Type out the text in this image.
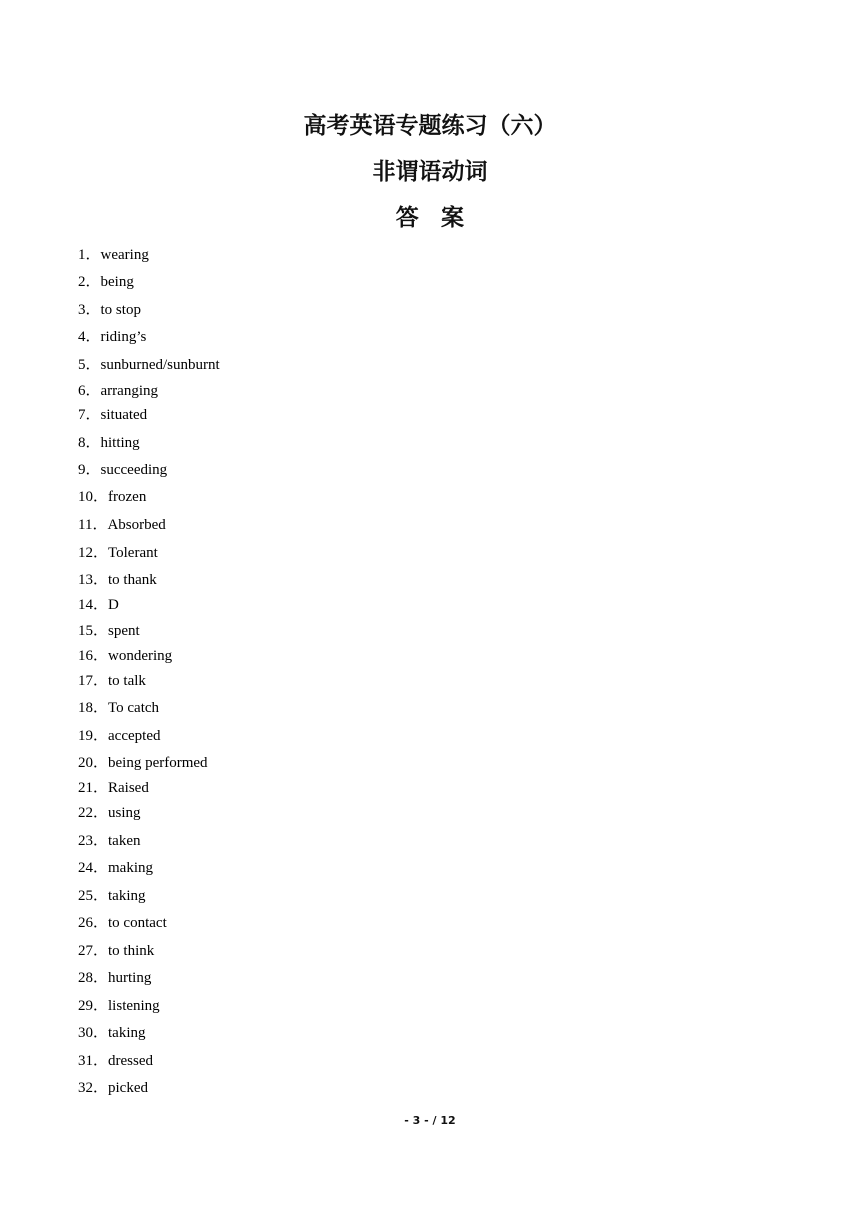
高考英语专题练习（六）
非谓语动词
答 案
1．wearing
2．being
3．to stop
4．riding’s
5．sunburned/sunburnt
6．arranging
7．situated
8．hitting
9．succeeding
10．frozen
11．Absorbed
12．Tolerant
13．to thank
14．D
15．spent
16．wondering
17．to talk
18．To catch
19．accepted
20．being performed
21．Raised
22．using
23．taken
24．making
25．taking
26．to contact
27．to think
28．hurting
29．listening
30．taking
31．dressed
32．picked
- 3 - / 12
